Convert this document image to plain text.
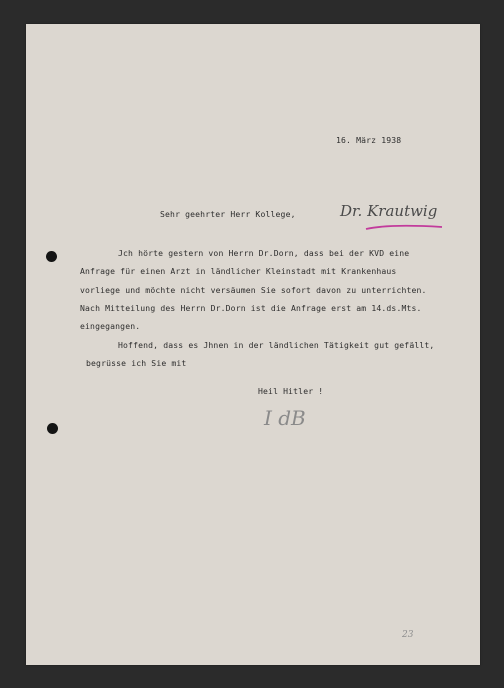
16. März 1938
Sehr geehrter Herr Kollege,	Dr. Krautwig
Jch hörte gestern von Herrn Dr.Dorn, dass bei der KVD eine
Anfrage für einen Arzt in ländlicher Kleinstadt mit Krankenhaus
vorliege und möchte nicht versäumen Sie sofort davon zu unterrichten.
Nach Mitteilung des Herrn Dr.Dorn ist die Anfrage erst am 14.ds.Mts.
eingegangen.
Hoffend, dass es Jhnen in der ländlichen Tätigkeit gut gefällt,
begrüsse ich Sie mit
Heil Hitler !
I dB
23
